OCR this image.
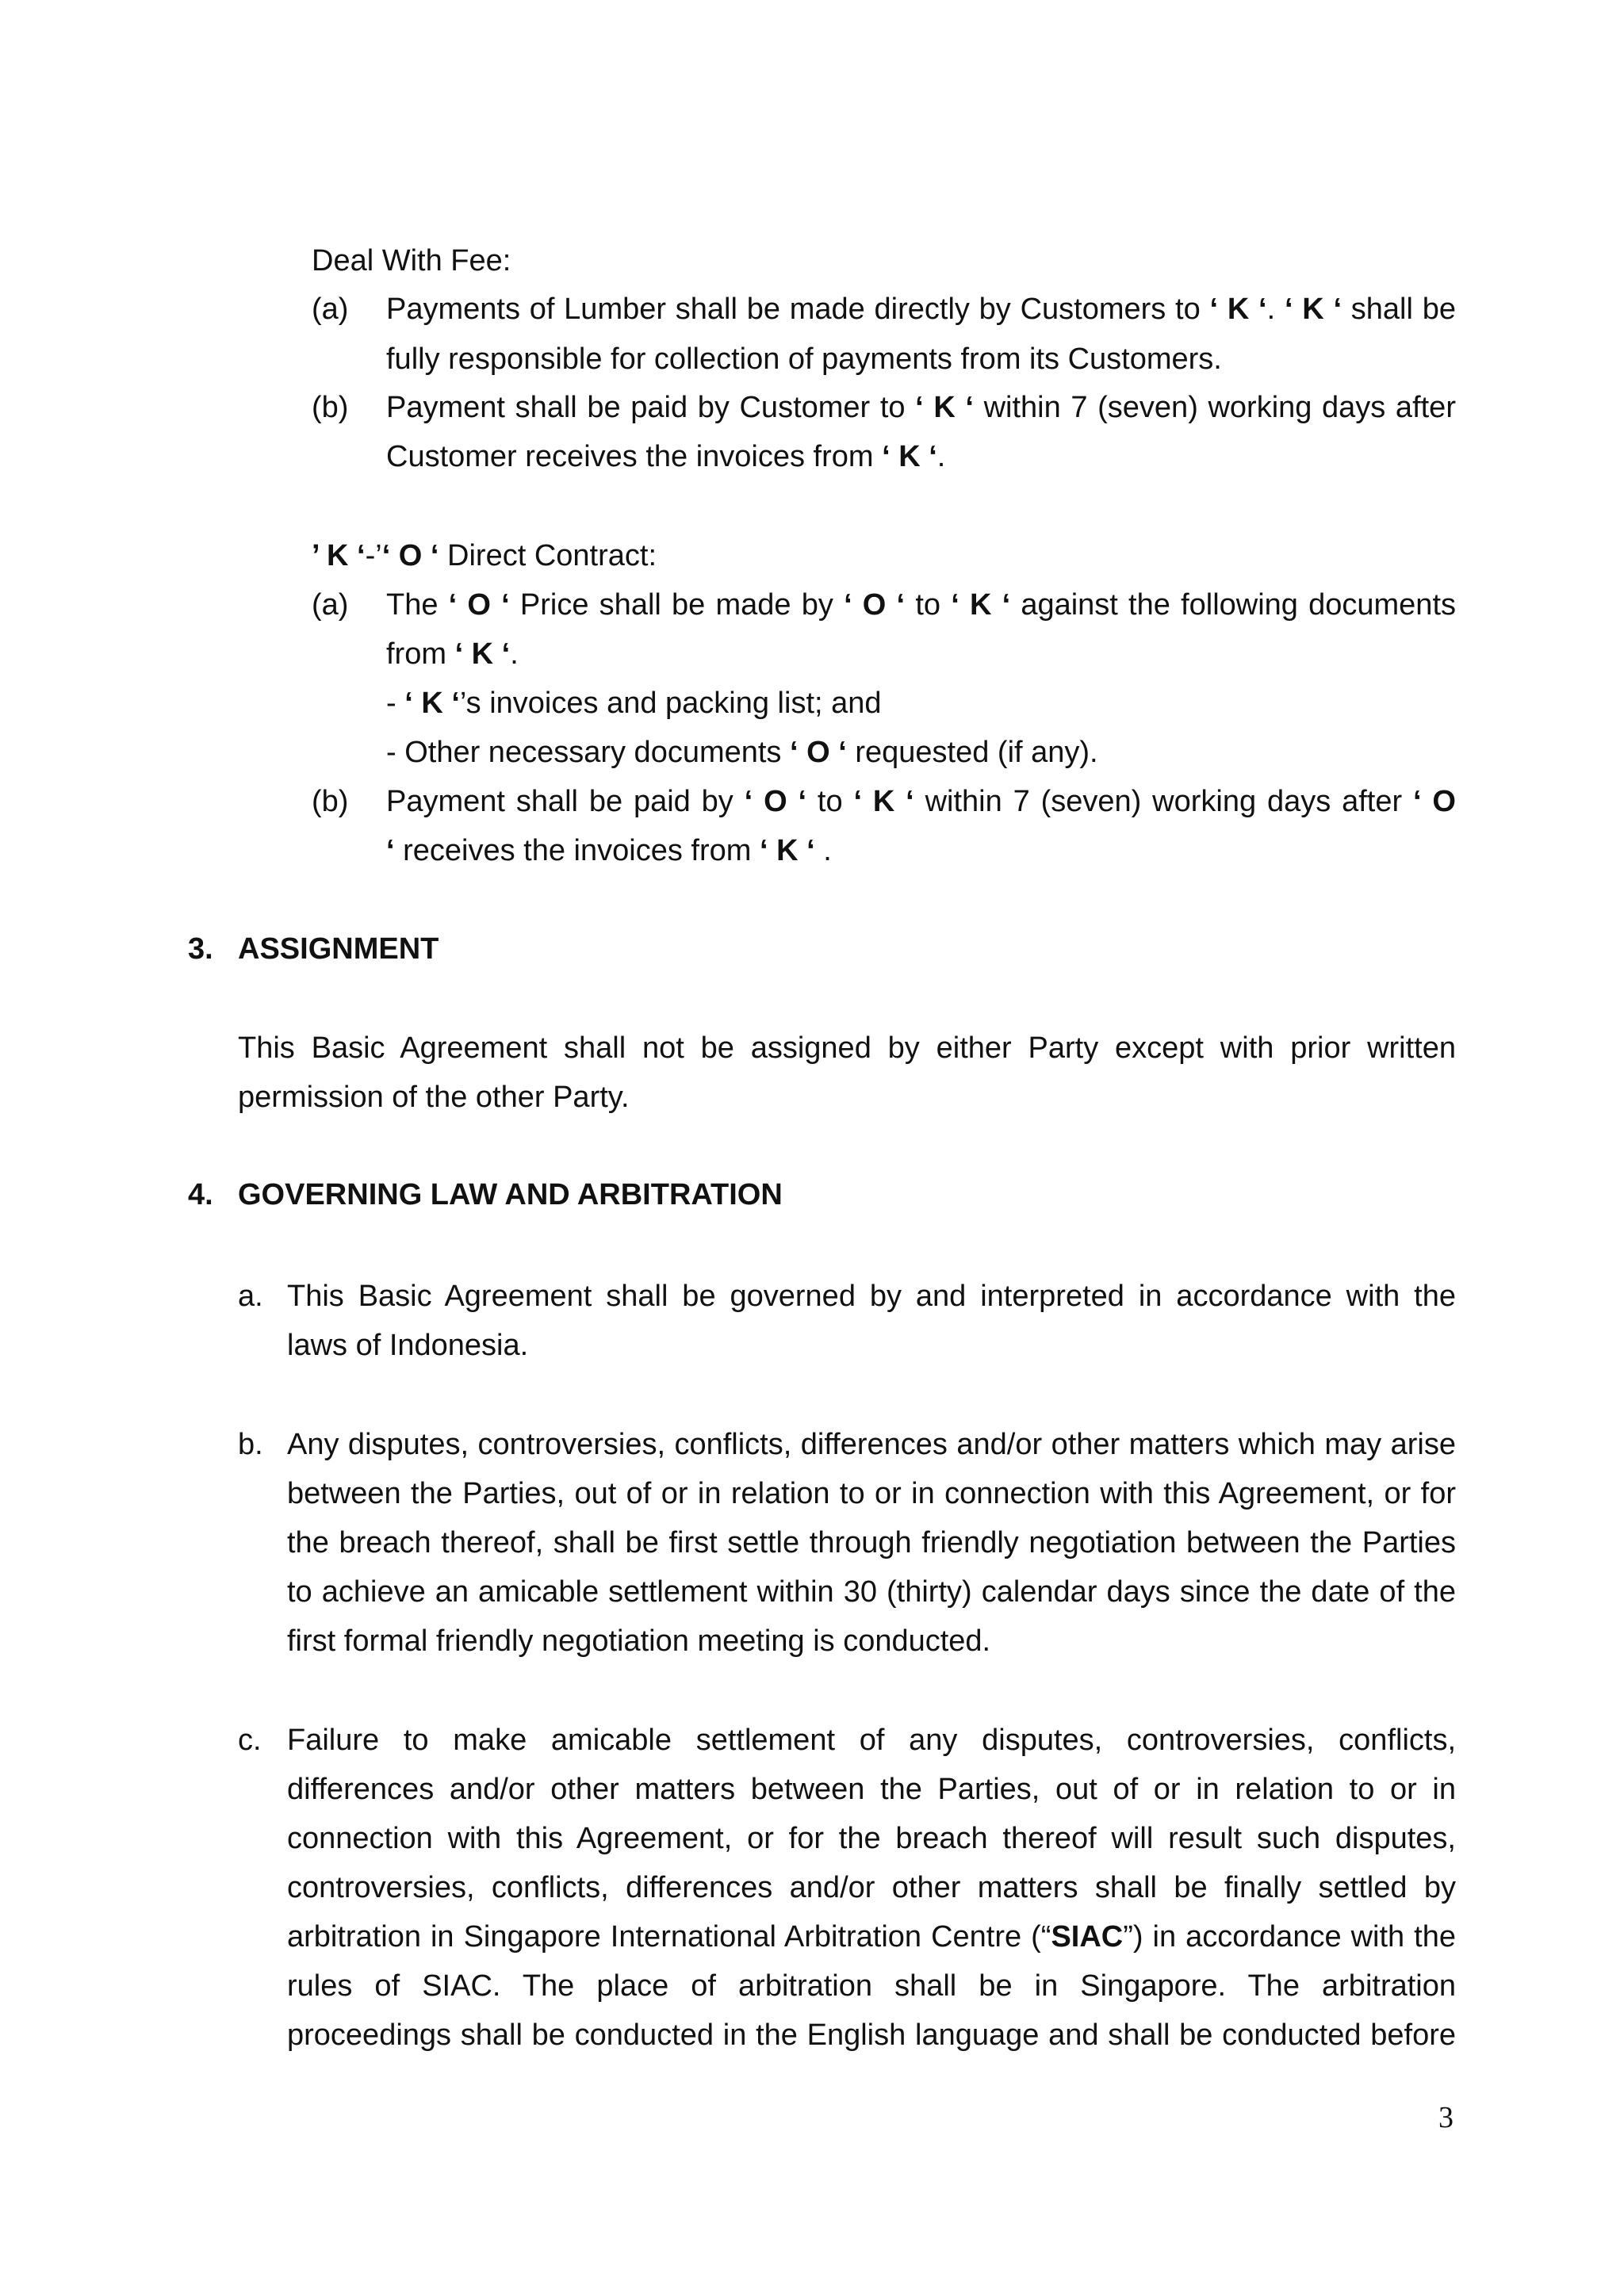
Deal With Fee:
(a) Payments of Lumber shall be made directly by Customers to ‘ K ‘. ‘ K ‘ shall be
fully responsible for collection of payments from its Customers.
(b) Payment shall be paid by Customer to ‘ K ‘ within 7 (seven) working days after
Customer receives the invoices from ‘ K ‘.
’ K ‘-’‘ O ‘ Direct Contract:
(a) The ‘ O ‘ Price shall be made by ‘ O ‘ to ‘ K ‘ against the following documents
from ‘ K ‘.
- ‘ K ‘’s invoices and packing list; and
- Other necessary documents ‘ O ‘ requested (if any).
(b) Payment shall be paid by ‘ O ‘ to ‘ K ‘ within 7 (seven) working days after ‘ O
‘ receives the invoices from ‘ K ‘ .
3. ASSIGNMENT
This Basic Agreement shall not be assigned by either Party except with prior written
permission of the other Party.
4. GOVERNING LAW AND ARBITRATION
a. This Basic Agreement shall be governed by and interpreted in accordance with the
laws of Indonesia.
b. Any disputes, controversies, conflicts, differences and/or other matters which may arise
between the Parties, out of or in relation to or in connection with this Agreement, or for
the breach thereof, shall be first settle through friendly negotiation between the Parties
to achieve an amicable settlement within 30 (thirty) calendar days since the date of the
first formal friendly negotiation meeting is conducted.
c. Failure to make amicable settlement of any disputes, controversies, conflicts,
differences and/or other matters between the Parties, out of or in relation to or in
connection with this Agreement, or for the breach thereof will result such disputes,
controversies, conflicts, differences and/or other matters shall be finally settled by
arbitration in Singapore International Arbitration Centre (“SIAC”) in accordance with the
rules of SIAC. The place of arbitration shall be in Singapore. The arbitration
proceedings shall be conducted in the English language and shall be conducted before
3
